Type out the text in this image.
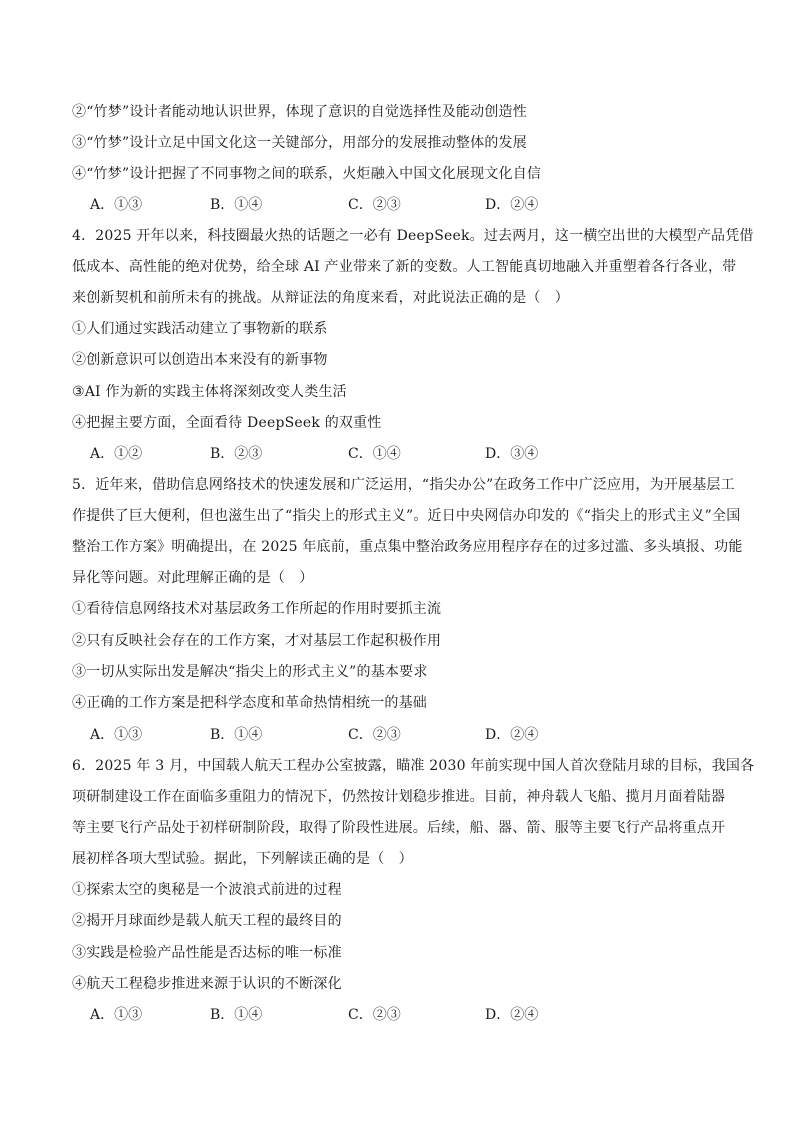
②“竹梦”设计者能动地认识世界，体现了意识的自觉选择性及能动创造性
③“竹梦”设计立足中国文化这一关键部分，用部分的发展推动整体的发展
④“竹梦”设计把握了不同事物之间的联系，火炬融入中国文化展现文化自信
A．①③	B．①④	C．②③	D．②④
4．2025 开年以来，科技圈最火热的话题之一必有 DeepSeek。过去两月，这一横空出世的大模型产品凭借
低成本、高性能的绝对优势，给全球 AI 产业带来了新的变数。人工智能真切地融入并重塑着各行各业，带
来创新契机和前所未有的挑战。从辩证法的角度来看，对此说法正确的是（　）
①人们通过实践活动建立了事物新的联系
②创新意识可以创造出本来没有的新事物
③AI 作为新的实践主体将深刻改变人类生活
④把握主要方面，全面看待 DeepSeek 的双重性
A．①②	B．②③	C．①④	D．③④
5．近年来，借助信息网络技术的快速发展和广泛运用，“指尖办公”在政务工作中广泛应用，为开展基层工
作提供了巨大便利，但也滋生出了“指尖上的形式主义”。近日中央网信办印发的《“指尖上的形式主义”全国
整治工作方案》明确提出，在 2025 年底前，重点集中整治政务应用程序存在的过多过滥、多头填报、功能
异化等问题。对此理解正确的是（　）
①看待信息网络技术对基层政务工作所起的作用时要抓主流
②只有反映社会存在的工作方案，才对基层工作起积极作用
③一切从实际出发是解决“指尖上的形式主义”的基本要求
④正确的工作方案是把科学态度和革命热情相统一的基础
A．①③	B．①④	C．②③	D．②④
6．2025 年 3 月，中国载人航天工程办公室披露，瞄准 2030 年前实现中国人首次登陆月球的目标，我国各
项研制建设工作在面临多重阻力的情况下，仍然按计划稳步推进。目前，神舟载人飞船、揽月月面着陆器
等主要飞行产品处于初样研制阶段，取得了阶段性进展。后续，船、器、箭、服等主要飞行产品将重点开
展初样各项大型试验。据此，下列解读正确的是（　）
①探索太空的奥秘是一个波浪式前进的过程
②揭开月球面纱是载人航天工程的最终目的
③实践是检验产品性能是否达标的唯一标准
④航天工程稳步推进来源于认识的不断深化
A．①③	B．①④	C．②③	D．②④
